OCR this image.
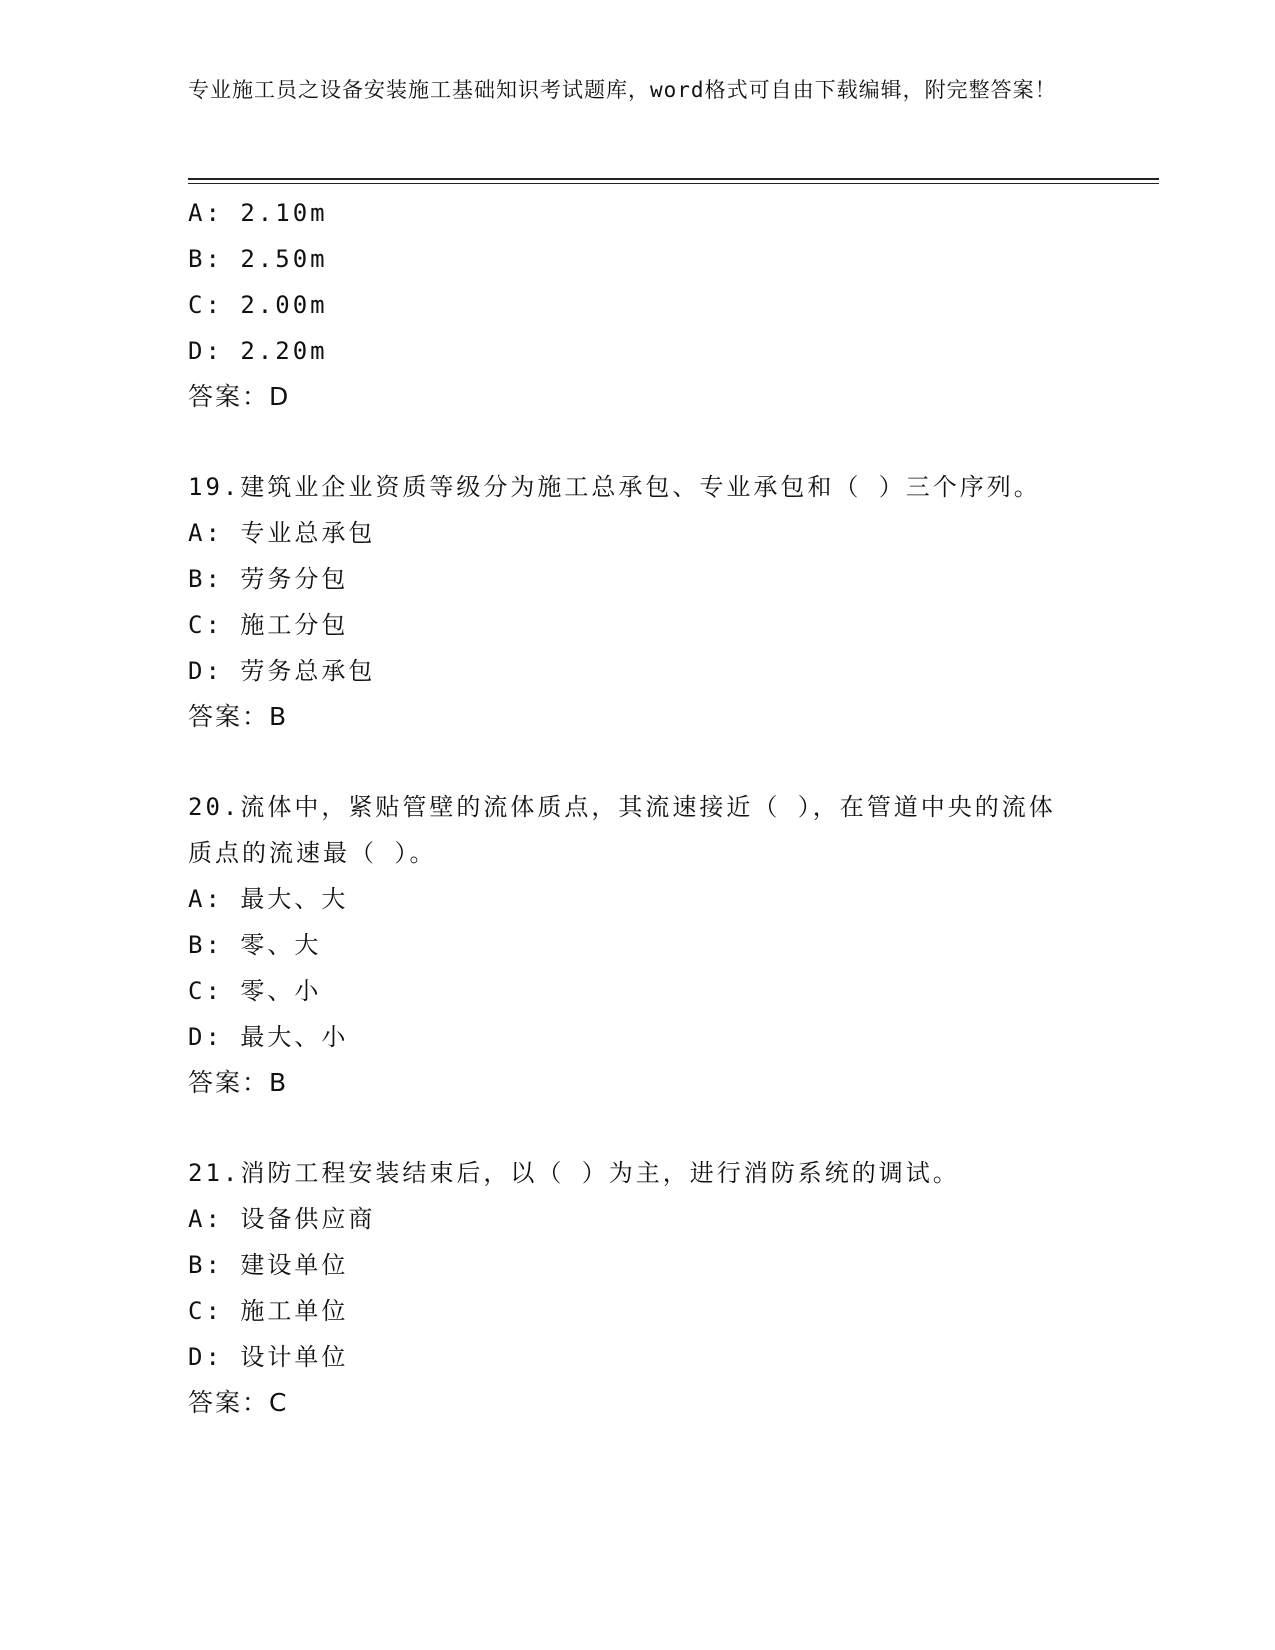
专业施工员之设备安装施工基础知识考试题库，word格式可自由下载编辑，附完整答案！
A: 2.10m
B: 2.50m
C: 2.00m
D: 2.20m
答案：D
19.建筑业企业资质等级分为施工总承包、专业承包和（ ）三个序列。
A: 专业总承包
B: 劳务分包
C: 施工分包
D: 劳务总承包
答案：B
20.流体中，紧贴管壁的流体质点，其流速接近（ ），在管道中央的流体质点的流速最（ ）。
A: 最大、大
B: 零、大
C: 零、小
D: 最大、小
答案：B
21.消防工程安装结束后，以（ ）为主，进行消防系统的调试。
A: 设备供应商
B: 建设单位
C: 施工单位
D: 设计单位
答案：C
